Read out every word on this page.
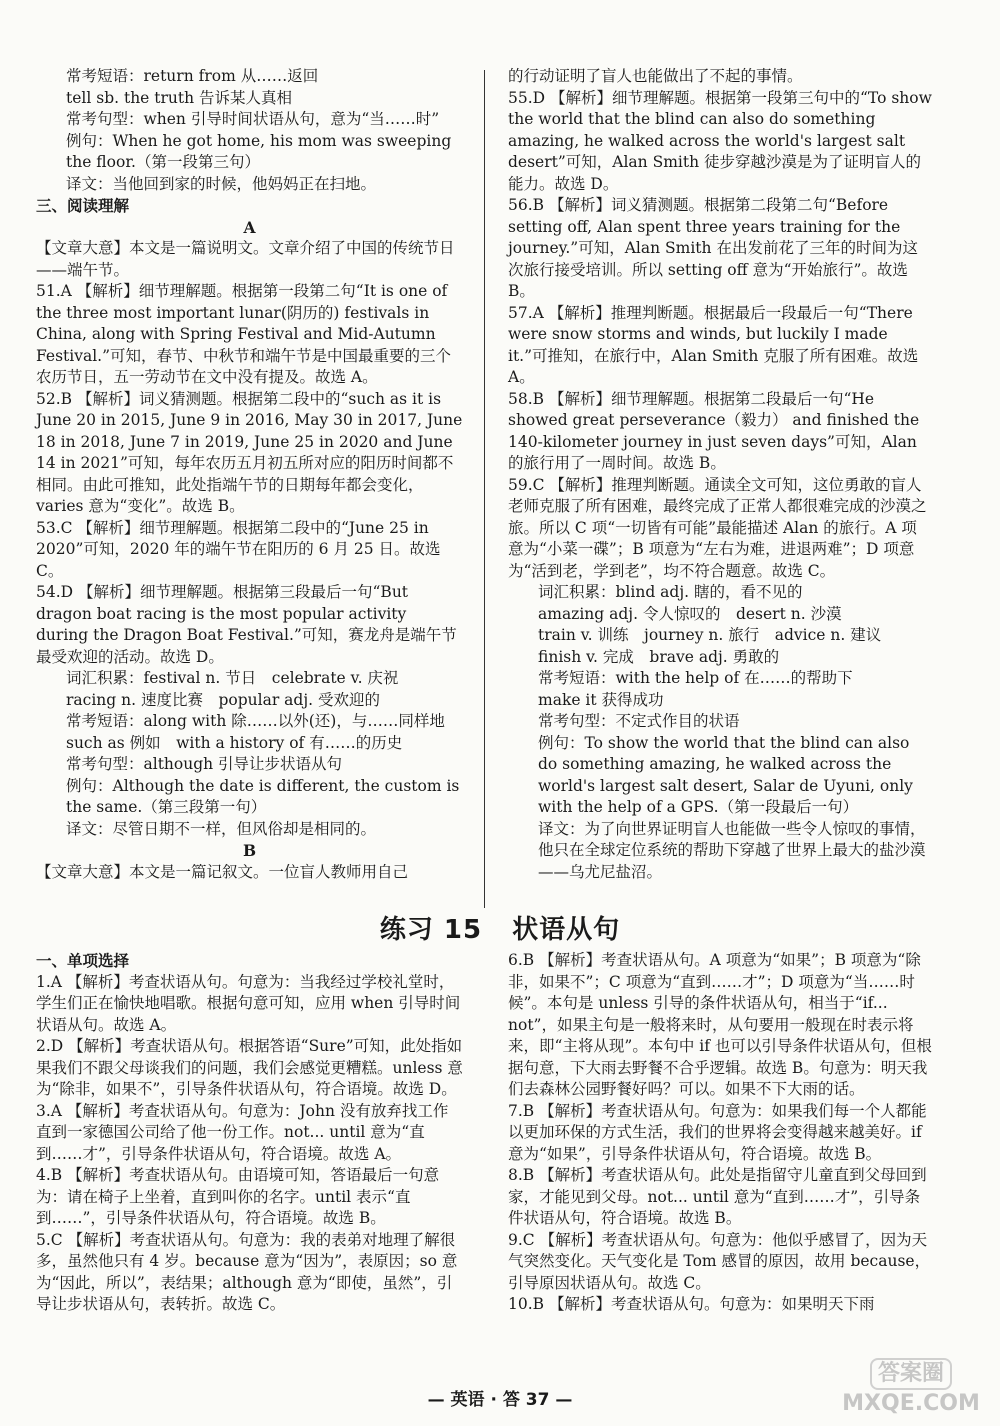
常考短语：return from 从……返回

tell sb. the truth 告诉某人真相

常考句型：when 引导时间状语从句，意为“当……时”

例句：When he got home, his mom was sweeping the floor.（第一段第三句）

译文：当他回到家的时候，他妈妈正在扫地。

三、阅读理解

A

【文章大意】本文是一篇说明文。文章介绍了中国的传统节日——端午节。

51.A 【解析】细节理解题。根据第一段第二句“It is one of the three most important lunar(阴历的) festivals in China, along with Spring Festival and Mid-Autumn Festival.”可知，春节、中秋节和端午节是中国最重要的三个农历节日，五一劳动节在文中没有提及。故选 A。

52.B 【解析】词义猜测题。根据第二段中的“such as it is June 20 in 2015, June 9 in 2016, May 30 in 2017, June 18 in 2018, June 7 in 2019, June 25 in 2020 and June 14 in 2021”可知，每年农历五月初五所对应的阳历时间都不相同。由此可推知，此处指端午节的日期每年都会变化，varies 意为“变化”。故选 B。

53.C 【解析】细节理解题。根据第二段中的“June 25 in 2020”可知，2020 年的端午节在阳历的 6 月 25 日。故选 C。

54.D 【解析】细节理解题。根据第三段最后一句“But dragon boat racing is the most popular activity during the Dragon Boat Festival.”可知，赛龙舟是端午节最受欢迎的活动。故选 D。

词汇积累：festival n. 节日　celebrate v. 庆祝

racing n. 速度比赛　popular adj. 受欢迎的

常考短语：along with 除……以外(还)，与……同样地

such as 例如　with a history of 有……的历史

常考句型：although 引导让步状语从句

例句：Although the date is different, the custom is the same.（第三段第一句）

译文：尽管日期不一样，但风俗却是相同的。

B

【文章大意】本文是一篇记叙文。一位盲人教师用自己

的行动证明了盲人也能做出了不起的事情。

55.D 【解析】细节理解题。根据第一段第三句中的“To show the world that the blind can also do something amazing, he walked across the world's largest salt desert”可知，Alan Smith 徒步穿越沙漠是为了证明盲人的能力。故选 D。

56.B 【解析】词义猜测题。根据第二段第二句“Before setting off, Alan spent three years training for the journey.”可知，Alan Smith 在出发前花了三年的时间为这次旅行接受培训。所以 setting off 意为“开始旅行”。故选 B。

57.A 【解析】推理判断题。根据最后一段最后一句“There were snow storms and winds, but luckily I made it.”可推知，在旅行中，Alan Smith 克服了所有困难。故选 A。

58.B 【解析】细节理解题。根据第二段最后一句“He showed great perseverance（毅力） and finished the 140-kilometer journey in just seven days”可知，Alan 的旅行用了一周时间。故选 B。

59.C 【解析】推理判断题。通读全文可知，这位勇敢的盲人老师克服了所有困难，最终完成了正常人都很难完成的沙漠之旅。所以 C 项“一切皆有可能”最能描述 Alan 的旅行。A 项意为“小菜一碟”；B 项意为“左右为难，进退两难”；D 项意为“活到老，学到老”，均不符合题意。故选 C。

词汇积累：blind adj. 瞎的，看不见的

amazing adj. 令人惊叹的　desert n. 沙漠

train v. 训练　journey n. 旅行　advice n. 建议

finish v. 完成　brave adj. 勇敢的

常考短语：with the help of 在……的帮助下

make it 获得成功

常考句型：不定式作目的状语

例句：To show the world that the blind can also do something amazing, he walked across the world's largest salt desert, Salar de Uyuni, only with the help of a GPS.（第一段最后一句）

译文：为了向世界证明盲人也能做一些令人惊叹的事情，他只在全球定位系统的帮助下穿越了世界上最大的盐沙漠——乌尤尼盐沼。

练习 15 状语从句

一、单项选择

1.A 【解析】考查状语从句。句意为：当我经过学校礼堂时，学生们正在愉快地唱歌。根据句意可知，应用 when 引导时间状语从句。故选 A。

2.D 【解析】考查状语从句。根据答语“Sure”可知，此处指如果我们不跟父母谈我们的问题，我们会感觉更糟糕。unless 意为“除非，如果不”，引导条件状语从句，符合语境。故选 D。

3.A 【解析】考查状语从句。句意为：John 没有放弃找工作直到一家德国公司给了他一份工作。not... until 意为“直到……才”，引导条件状语从句，符合语境。故选 A。

4.B 【解析】考查状语从句。由语境可知，答语最后一句意为：请在椅子上坐着，直到叫你的名字。until 表示“直到……”，引导条件状语从句，符合语境。故选 B。

5.C 【解析】考查状语从句。句意为：我的表弟对地理了解很多，虽然他只有 4 岁。because 意为“因为”，表原因；so 意为“因此，所以”，表结果；although 意为“即使，虽然”，引导让步状语从句，表转折。故选 C。

6.B 【解析】考查状语从句。A 项意为“如果”；B 项意为“除非，如果不”；C 项意为“直到……才”；D 项意为“当……时候”。本句是 unless 引导的条件状语从句，相当于“if... not”，如果主句是一般将来时，从句要用一般现在时表示将来，即“主将从现”。本句中 if 也可以引导条件状语从句，但根据句意，下大雨去野餐不合乎逻辑。故选 B。句意为：明天我们去森林公园野餐好吗？可以。如果不下大雨的话。

7.B 【解析】考查状语从句。句意为：如果我们每一个人都能以更加环保的方式生活，我们的世界将会变得越来越美好。if 意为“如果”，引导条件状语从句，符合语境。故选 B。

8.B 【解析】考查状语从句。此处是指留守儿童直到父母回到家，才能见到父母。not... until 意为“直到……才”，引导条件状语从句，符合语境。故选 B。

9.C 【解析】考查状语从句。句意为：他似乎感冒了，因为天气突然变化。天气变化是 Tom 感冒的原因，故用 because，引导原因状语从句。故选 C。

10.B 【解析】考查状语从句。句意为：如果明天下雨

— 英语 · 答 37 —
答案圈
MXQE.COM
